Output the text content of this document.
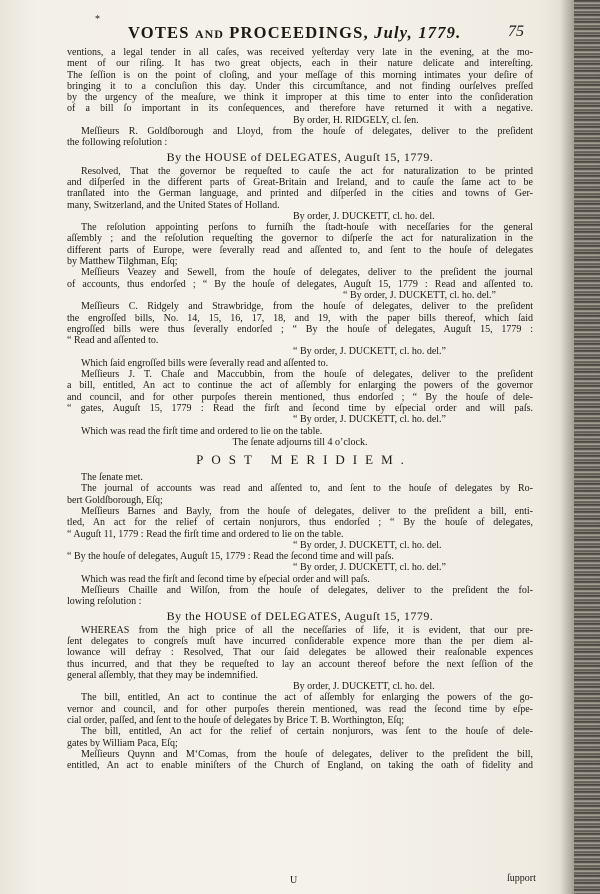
*
VOTES AND PROCEEDINGS, July, 1779.	75
ventions, a legal tender in all caſes, was received yeſterday very late in the evening, at the mo-
ment of our riſing. It has two great objects, each in their nature delicate and intereſting.
The ſeſſion is on the point of cloſing, and your meſſage of this morning intimates your deſire of
bringing it to a concluſion this day. Under this circumſtance, and not finding ourſelves preſſed
by the urgency of the meaſure, we think it improper at this time to enter into the conſideration
of a bill ſo important in its conſequences, and therefore have returned it with a negative.
By order, H. RIDGELY, cl. ſen.
Meſſieurs R. Goldſborough and Lloyd, from the houſe of delegates, deliver to the preſident
the following reſolution :
By the HOUSE of DELEGATES, Auguſt 15, 1779.
Resolved, That the governor be requeſted to cauſe the act for naturalization to be printed
and diſperſed in the different parts of Great-Britain and Ireland, and to cauſe the ſame act to be
tranſlated into the German language, and printed and diſperſed in the cities and towns of Ger-
many, Switzerland, and the United States of Holland.
By order, J. DUCKETT, cl. ho. del.
The reſolution appointing perſons to furniſh the ſtadt-houſe with neceſſaries for the general
aſſembly ; and the reſolution requeſting the governor to diſperſe the act for naturalization in the
different parts of Europe, were ſeverally read and aſſented to, and ſent to the houſe of delegates
by Matthew Tilghman, Eſq;
Meſſieurs Veazey and Sewell, from the houſe of delegates, deliver to the preſident the journal
of accounts, thus endorſed ; “ By the houſe of delegates, Auguſt 15, 1779 : Read and aſſented to.
“ By order, J. DUCKETT, cl. ho. del.”
Meſſieurs C. Ridgely and Strawbridge, from the houſe of delegates, deliver to the preſident
the engroſſed bills, No. 14, 15, 16, 17, 18, and 19, with the paper bills thereof, which ſaid
engroſſed bills were thus ſeverally endorſed ; “ By the houſe of delegates, Auguſt 15, 1779 :
“ Read and aſſented to.
“ By order, J. DUCKETT, cl. ho. del.”
Which ſaid engroſſed bills were ſeverally read and aſſented to.
Meſſieurs J. T. Chaſe and Maccubbin, from the houſe of delegates, deliver to the preſident
a bill, entitled, An act to continue the act of aſſembly for enlarging the powers of the governor
and council, and for other purpoſes therein mentioned, thus endorſed ; “ By the houſe of dele-
“ gates, Auguſt 15, 1779 : Read the firſt and ſecond time by eſpecial order and will paſs.
“ By order, J. DUCKETT, cl. ho. del.”
Which was read the firſt time and ordered to lie on the table.
The ſenate adjourns till 4 o’clock.
POST MERIDIEM.
The ſenate met.
The journal of accounts was read and aſſented to, and ſent to the houſe of delegates by Ro-
bert Goldſborough, Eſq;
Meſſieurs Barnes and Bayly, from the houſe of delegates, deliver to the preſident a bill, enti-
tled, An act for the relief of certain nonjurors, thus endorſed ; “ By the houſe of delegates,
“ Auguſt 11, 1779 : Read the firſt time and ordered to lie on the table.
“ By order, J. DUCKETT, cl. ho. del.
“ By the houſe of delegates, Auguſt 15, 1779 : Read the ſecond time and will paſs.
“ By order, J. DUCKETT, cl. ho. del.”
Which was read the firſt and ſecond time by eſpecial order and will paſs.
Meſſieurs Chaille and Wilſon, from the houſe of delegates, deliver to the preſident the fol-
lowing reſolution :
By the HOUSE of DELEGATES, Auguſt 15, 1779.
WHEREAS from the high price of all the neceſſaries of life, it is evident, that our pre-
ſent delegates to congreſs muſt have incurred conſiderable expence more than the per diem al-
lowance will defray : Resolved, That our ſaid delegates be allowed their reaſonable expences
thus incurred, and that they be requeſted to lay an account thereof before the next ſeſſion of the
general aſſembly, that they may be indemnified.
By order, J. DUCKETT, cl. ho. del.
The bill, entitled, An act to continue the act of aſſembly for enlarging the powers of the go-
vernor and council, and for other purpoſes therein mentioned, was read the ſecond time by eſpe-
cial order, paſſed, and ſent to the houſe of delegates by Brice T. B. Worthington, Eſq;
The bill, entitled, An act for the relief of certain nonjurors, was ſent to the houſe of dele-
gates by William Paca, Eſq;
Meſſieurs Quynn and M‘Comas, from the houſe of delegates, deliver to the preſident the bill,
entitled, An act to enable miniſters of the Church of England, on taking the oath of fidelity and
U	ſupport
